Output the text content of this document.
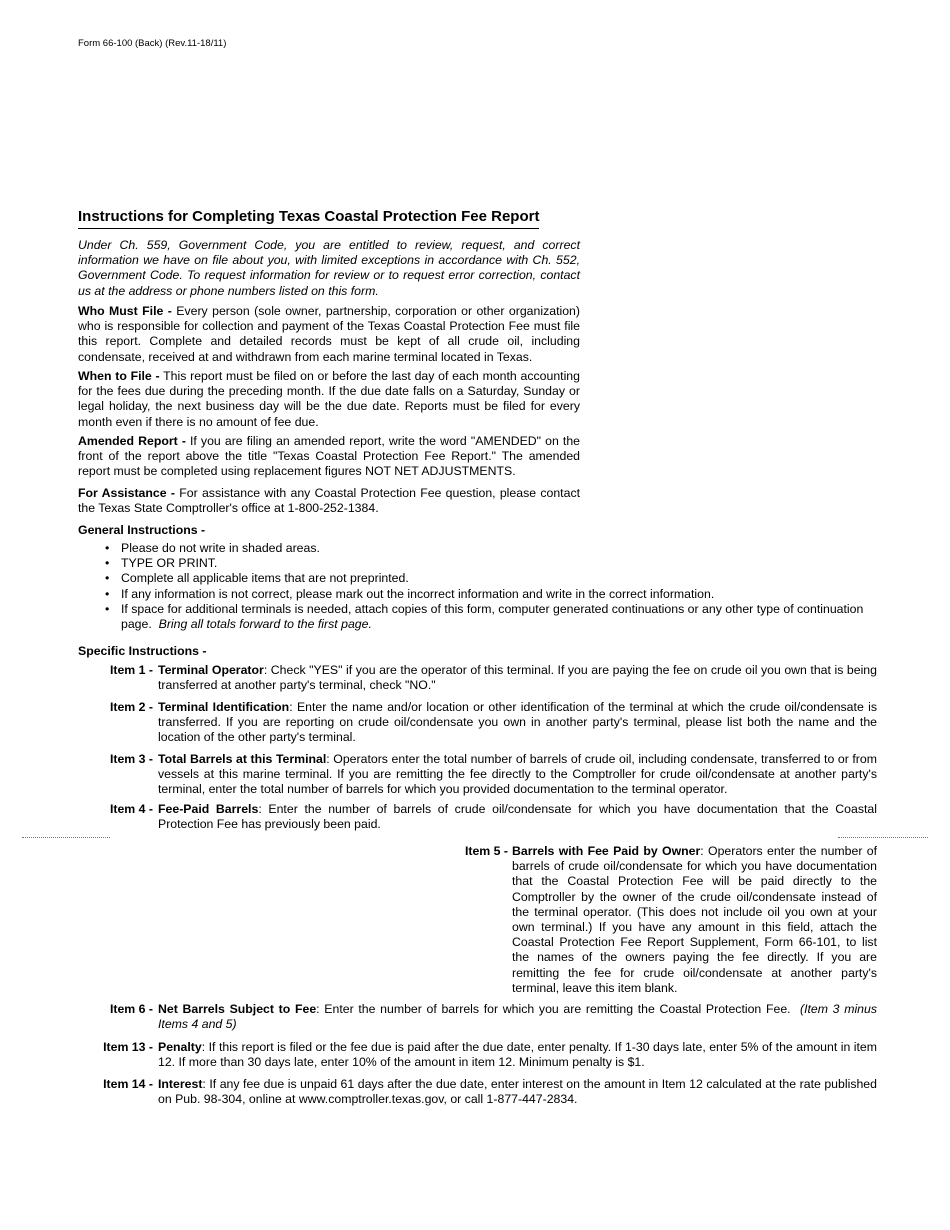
Form 66-100 (Back) (Rev.11-18/11)
Instructions for Completing Texas Coastal Protection Fee Report
Under Ch. 559, Government Code, you are entitled to review, request, and correct information we have on file about you, with limited exceptions in accordance with Ch. 552, Government Code. To request information for review or to request error correction, contact us at the address or phone numbers listed on this form.

Who Must File - Every person (sole owner, partnership, corporation or other organization) who is responsible for collection and payment of the Texas Coastal Protection Fee must file this report. Complete and detailed records must be kept of all crude oil, including condensate, received at and withdrawn from each marine terminal located in Texas.

When to File - This report must be filed on or before the last day of each month accounting for the fees due during the preceding month. If the due date falls on a Saturday, Sunday or legal holiday, the next business day will be the due date. Reports must be filed for every month even if there is no amount of fee due.

Amended Report - If you are filing an amended report, write the word "AMENDED" on the front of the report above the title "Texas Coastal Protection Fee Report." The amended report must be completed using replacement figures NOT NET ADJUSTMENTS.

For Assistance - For assistance with any Coastal Protection Fee question, please contact the Texas State Comptroller's office at 1-800-252-1384.

General Instructions -
• Please do not write in shaded areas.
• TYPE OR PRINT.
• Complete all applicable items that are not preprinted.
• If any information is not correct, please mark out the incorrect information and write in the correct information.
• If space for additional terminals is needed, attach copies of this form, computer generated continuations or any other type of continuation page. Bring all totals forward to the first page.
Specific Instructions -
Item 1 - Terminal Operator: Check "YES" if you are the operator of this terminal. If you are paying the fee on crude oil you own that is being transferred at another party's terminal, check "NO."
Item 2 - Terminal Identification: Enter the name and/or location or other identification of the terminal at which the crude oil/condensate is transferred. If you are reporting on crude oil/condensate you own in another party's terminal, please list both the name and the location of the other party's terminal.
Item 3 - Total Barrels at this Terminal: Operators enter the total number of barrels of crude oil, including condensate, transferred to or from vessels at this marine terminal. If you are remitting the fee directly to the Comptroller for crude oil/condensate at another party's terminal, enter the total number of barrels for which you provided documentation to the terminal operator.
Item 4 - Fee-Paid Barrels: Enter the number of barrels of crude oil/condensate for which you have documentation that the Coastal Protection Fee has previously been paid.
Item 5 - Barrels with Fee Paid by Owner: Operators enter the number of barrels of crude oil/condensate for which you have documentation that the Coastal Protection Fee will be paid directly to the Comptroller by the owner of the crude oil/condensate instead of the terminal operator. (This does not include oil you own at your own terminal.) If you have any amount in this field, attach the Coastal Protection Fee Report Supplement, Form 66-101, to list the names of the owners paying the fee directly. If you are remitting the fee for crude oil/condensate at another party's terminal, leave this item blank.
Item 6 - Net Barrels Subject to Fee: Enter the number of barrels for which you are remitting the Coastal Protection Fee. (Item 3 minus Items 4 and 5)
Item 13 - Penalty: If this report is filed or the fee due is paid after the due date, enter penalty. If 1-30 days late, enter 5% of the amount in item 12. If more than 30 days late, enter 10% of the amount in item 12. Minimum penalty is $1.
Item 14 - Interest: If any fee due is unpaid 61 days after the due date, enter interest on the amount in Item 12 calculated at the rate published on Pub. 98-304, online at www.comptroller.texas.gov, or call 1-877-447-2834.
